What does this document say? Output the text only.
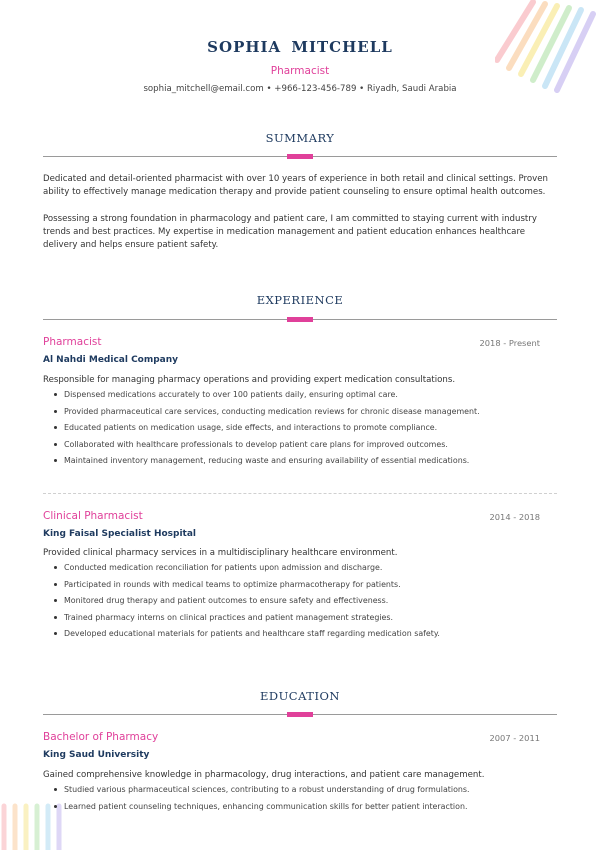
SOPHIA MITCHELL
Pharmacist
sophia_mitchell@email.com • +966-123-456-789 • Riyadh, Saudi Arabia
SUMMARY
Dedicated and detail-oriented pharmacist with over 10 years of experience in both retail and clinical settings. Proven ability to effectively manage medication therapy and provide patient counseling to ensure optimal health outcomes.
Possessing a strong foundation in pharmacology and patient care, I am committed to staying current with industry trends and best practices. My expertise in medication management and patient education enhances healthcare delivery and helps ensure patient safety.
EXPERIENCE
Pharmacist	2018 - Present
Al Nahdi Medical Company
Responsible for managing pharmacy operations and providing expert medication consultations.
Dispensed medications accurately to over 100 patients daily, ensuring optimal care.
Provided pharmaceutical care services, conducting medication reviews for chronic disease management.
Educated patients on medication usage, side effects, and interactions to promote compliance.
Collaborated with healthcare professionals to develop patient care plans for improved outcomes.
Maintained inventory management, reducing waste and ensuring availability of essential medications.
Clinical Pharmacist	2014 - 2018
King Faisal Specialist Hospital
Provided clinical pharmacy services in a multidisciplinary healthcare environment.
Conducted medication reconciliation for patients upon admission and discharge.
Participated in rounds with medical teams to optimize pharmacotherapy for patients.
Monitored drug therapy and patient outcomes to ensure safety and effectiveness.
Trained pharmacy interns on clinical practices and patient management strategies.
Developed educational materials for patients and healthcare staff regarding medication safety.
EDUCATION
Bachelor of Pharmacy	2007 - 2011
King Saud University
Gained comprehensive knowledge in pharmacology, drug interactions, and patient care management.
Studied various pharmaceutical sciences, contributing to a robust understanding of drug formulations.
Learned patient counseling techniques, enhancing communication skills for better patient interaction.
